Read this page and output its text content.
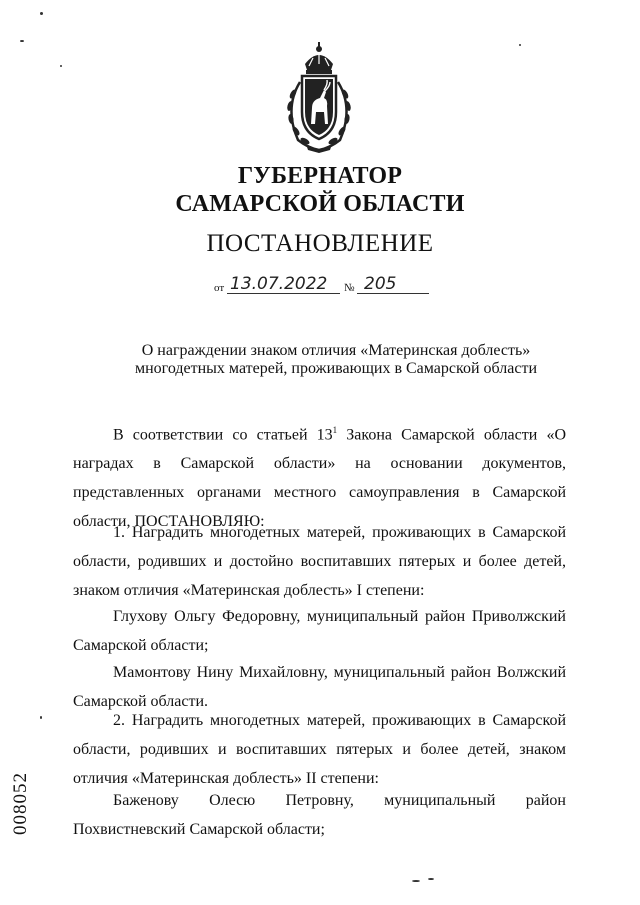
ГУБЕРНАТОР
САМАРСКОЙ ОБЛАСТИ
ПОСТАНОВЛЕНИЕ
от 13.07.2022 № 205
О награждении знаком отличия «Материнская доблесть»
многодетных матерей, проживающих в Самарской области
В соответствии со статьей $13^1$ Закона Самарской области «О наградах в Самарской области» на основании документов, представленных органами местного самоуправления в Самарской области, ПОСТАНОВЛЯЮ:
1. Наградить многодетных матерей, проживающих в Самарской области, родивших и достойно воспитавших пятерых и более детей, знаком отличия «Материнская доблесть» I степени:
Глухову Ольгу Федоровну, муниципальный район Приволжский Самарской области;
Мамонтову Нину Михайловну, муниципальный район Волжский Самарской области.
2. Наградить многодетных матерей, проживающих в Самарской области, родивших и воспитавших пятерых и более детей, знаком отличия «Материнская доблесть» II степени:
Баженову Олесю Петровну, муниципальный район Похвистневский Самарской области;
008052
